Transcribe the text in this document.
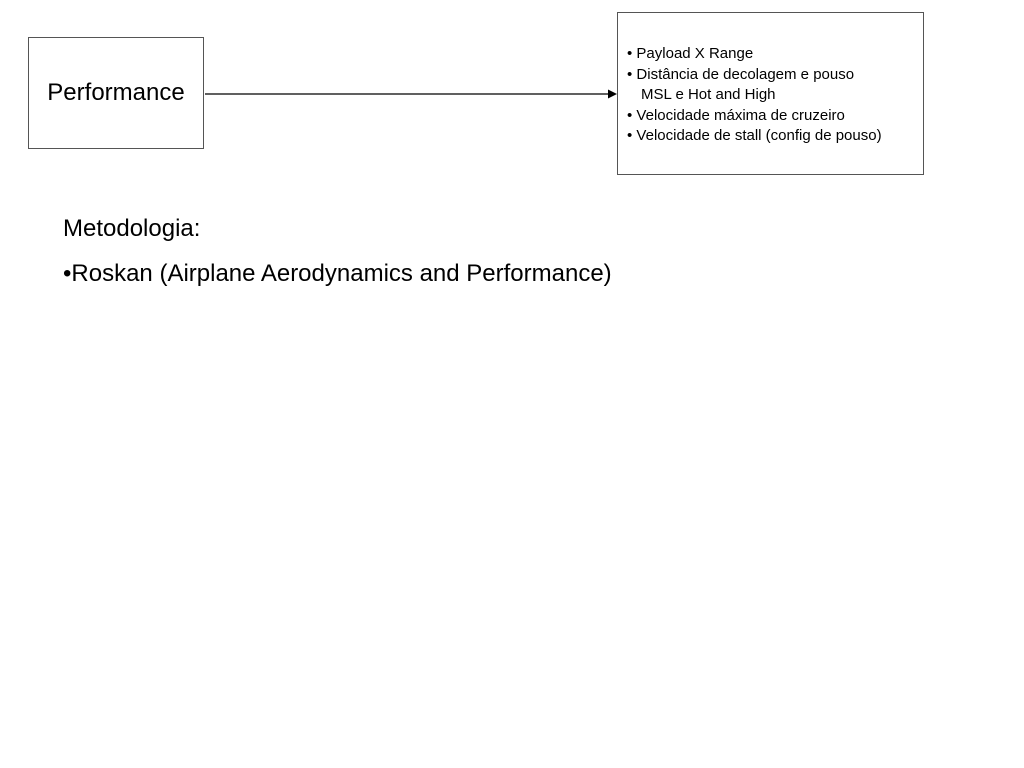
Performance
• Payload X Range
• Distância de decolagem e pouso
MSL e Hot and High
• Velocidade máxima de cruzeiro
• Velocidade de stall (config de pouso)
Metodologia:
•Roskan (Airplane Aerodynamics and Performance)
